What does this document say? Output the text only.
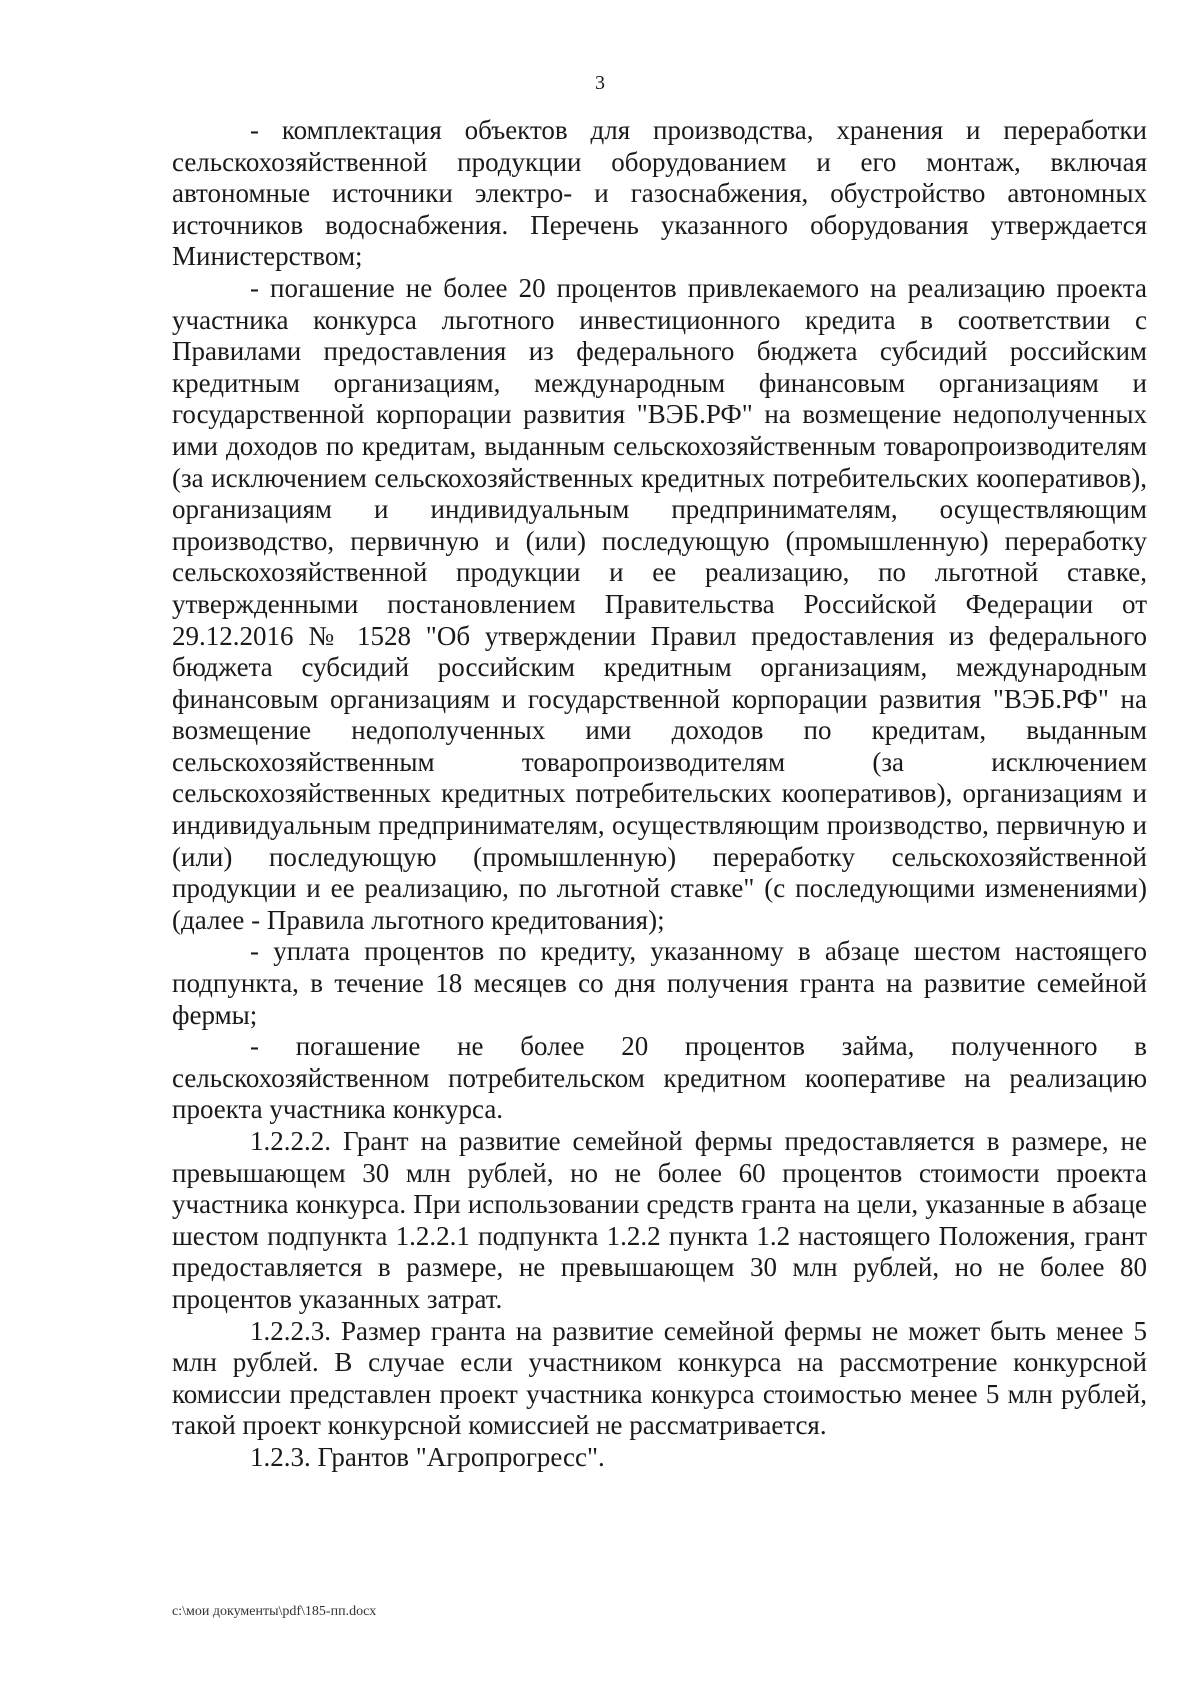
3

- комплектация объектов для производства, хранения и переработки сельскохозяйственной продукции оборудованием и его монтаж, включая автономные источники электро- и газоснабжения, обустройство автономных источников водоснабжения. Перечень указанного оборудования утверждается Министерством;

- погашение не более 20 процентов привлекаемого на реализацию проекта участника конкурса льготного инвестиционного кредита в соответствии с Правилами предоставления из федерального бюджета субсидий российским кредитным организациям, международным финансовым организациям и государственной корпорации развития "ВЭБ.РФ" на возмещение недополученных ими доходов по кредитам, выданным сельскохозяйственным товаропроизводителям (за исключением сельскохозяйственных кредитных потребительских кооперативов), организациям и индивидуальным предпринимателям, осуществляющим производство, первичную и (или) последующую (промышленную) переработку сельскохозяйственной продукции и ее реализацию, по льготной ставке, утвержденными постановлением Правительства Российской Федерации от 29.12.2016 № 1528 "Об утверждении Правил предоставления из федерального бюджета субсидий российским кредитным организациям, международным финансовым организациям и государственной корпорации развития "ВЭБ.РФ" на возмещение недополученных ими доходов по кредитам, выданным сельскохозяйственным товаропроизводителям (за исключением сельскохозяйственных кредитных потребительских кооперативов), организациям и индивидуальным предпринимателям, осуществляющим производство, первичную и (или) последующую (промышленную) переработку сельскохозяйственной продукции и ее реализацию, по льготной ставке" (с последующими изменениями) (далее - Правила льготного кредитования);

- уплата процентов по кредиту, указанному в абзаце шестом настоящего подпункта, в течение 18 месяцев со дня получения гранта на развитие семейной фермы;

- погашение не более 20 процентов займа, полученного в сельскохозяйственном потребительском кредитном кооперативе на реализацию проекта участника конкурса.

1.2.2.2. Грант на развитие семейной фермы предоставляется в размере, не превышающем 30 млн рублей, но не более 60 процентов стоимости проекта участника конкурса. При использовании средств гранта на цели, указанные в абзаце шестом подпункта 1.2.2.1 подпункта 1.2.2 пункта 1.2 настоящего Положения, грант предоставляется в размере, не превышающем 30 млн рублей, но не более 80 процентов указанных затрат.

1.2.2.3. Размер гранта на развитие семейной фермы не может быть менее 5 млн рублей. В случае если участником конкурса на рассмотрение конкурсной комиссии представлен проект участника конкурса стоимостью менее 5 млн рублей, такой проект конкурсной комиссией не рассматривается.

1.2.3. Грантов "Агропрогресс".

c:\мои документы\pdf\185-пп.docx
